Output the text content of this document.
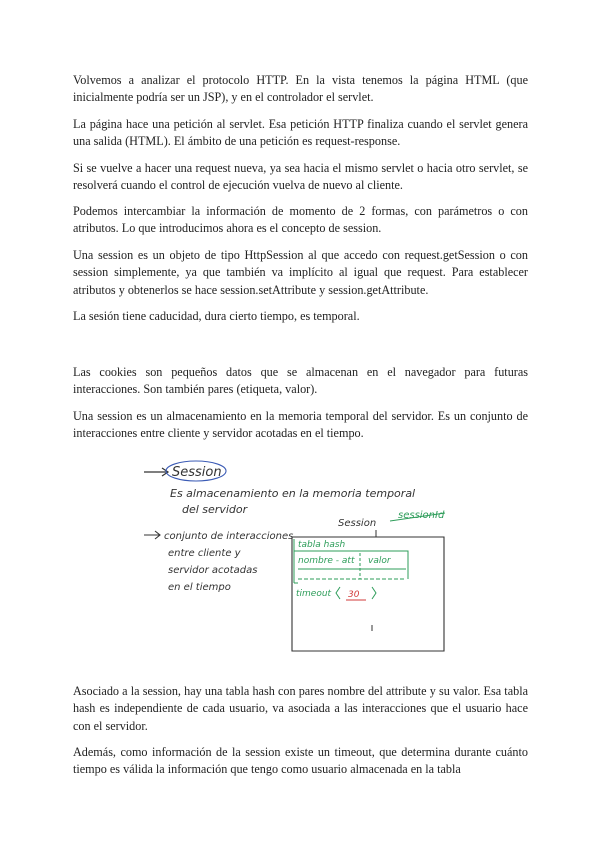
Volvemos a analizar el protocolo HTTP. En la vista tenemos la página HTML (que inicialmente podría ser un JSP), y en el controlador el servlet.

La página hace una petición al servlet. Esa petición HTTP finaliza cuando el servlet genera una salida (HTML). El ámbito de una petición es request-response.

Si se vuelve a hacer una request nueva, ya sea hacia el mismo servlet o hacia otro servlet, se resolverá cuando el control de ejecución vuelva de nuevo al cliente.

Podemos intercambiar la información de momento de 2 formas, con parámetros o con atributos. Lo que introducimos ahora es el concepto de session.

Una session es un objeto de tipo HttpSession al que accedo con request.getSession o con session simplemente, ya que también va implícito al igual que request. Para establecer atributos y obtenerlos se hace session.setAttribute y session.getAttribute.

La sesión tiene caducidad, dura cierto tiempo, es temporal.

Las cookies son pequeños datos que se almacenan en el navegador para futuras interacciones. Son también pares (etiqueta, valor).

Una session es un almacenamiento en la memoria temporal del servidor. Es un conjunto de interacciones entre cliente y servidor acotadas en el tiempo.

Session
Es almacenamiento en la memoria temporal
del servidor
Session
sessionId
conjunto de interacciones
entre cliente y
servidor acotadas
en el tiempo
tabla hash
nombre - att valor
timeout 30

Asociado a la session, hay una tabla hash con pares nombre del attribute y su valor. Esa tabla hash es independiente de cada usuario, va asociada a las interacciones que el usuario hace con el servidor.

Además, como información de la session existe un timeout, que determina durante cuánto tiempo es válida la información que tengo como usuario almacenada en la tabla
